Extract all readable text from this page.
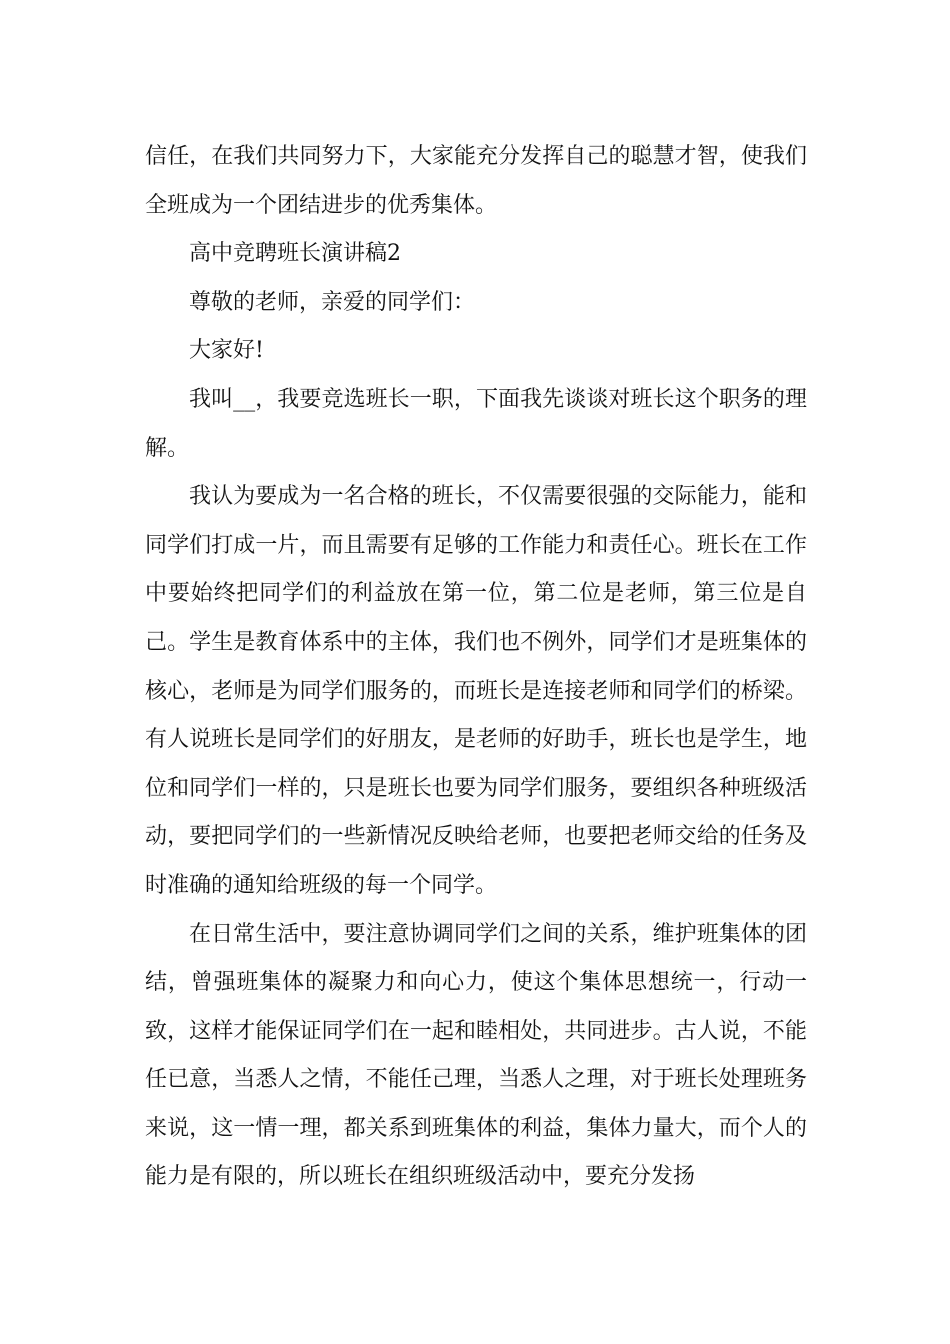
信任，在我们共同努力下，大家能充分发挥自己的聪慧才智，使我们全班成为一个团结进步的优秀集体。

高中竞聘班长演讲稿2

尊敬的老师，亲爱的同学们：

大家好!

我叫__，我要竞选班长一职，下面我先谈谈对班长这个职务的理解。

我认为要成为一名合格的班长，不仅需要很强的交际能力，能和同学们打成一片，而且需要有足够的工作能力和责任心。班长在工作中要始终把同学们的利益放在第一位，第二位是老师，第三位是自己。学生是教育体系中的主体，我们也不例外，同学们才是班集体的核心，老师是为同学们服务的，而班长是连接老师和同学们的桥梁。有人说班长是同学们的好朋友，是老师的好助手，班长也是学生，地位和同学们一样的，只是班长也要为同学们服务，要组织各种班级活动，要把同学们的一些新情况反映给老师，也要把老师交给的任务及时准确的通知给班级的每一个同学。

在日常生活中，要注意协调同学们之间的关系，维护班集体的团结，曾强班集体的凝聚力和向心力，使这个集体思想统一，行动一致，这样才能保证同学们在一起和睦相处，共同进步。古人说，不能任已意，当悉人之情，不能任己理，当悉人之理，对于班长处理班务来说，这一情一理，都关系到班集体的利益，集体力量大，而个人的能力是有限的，所以班长在组织班级活动中，要充分发扬
